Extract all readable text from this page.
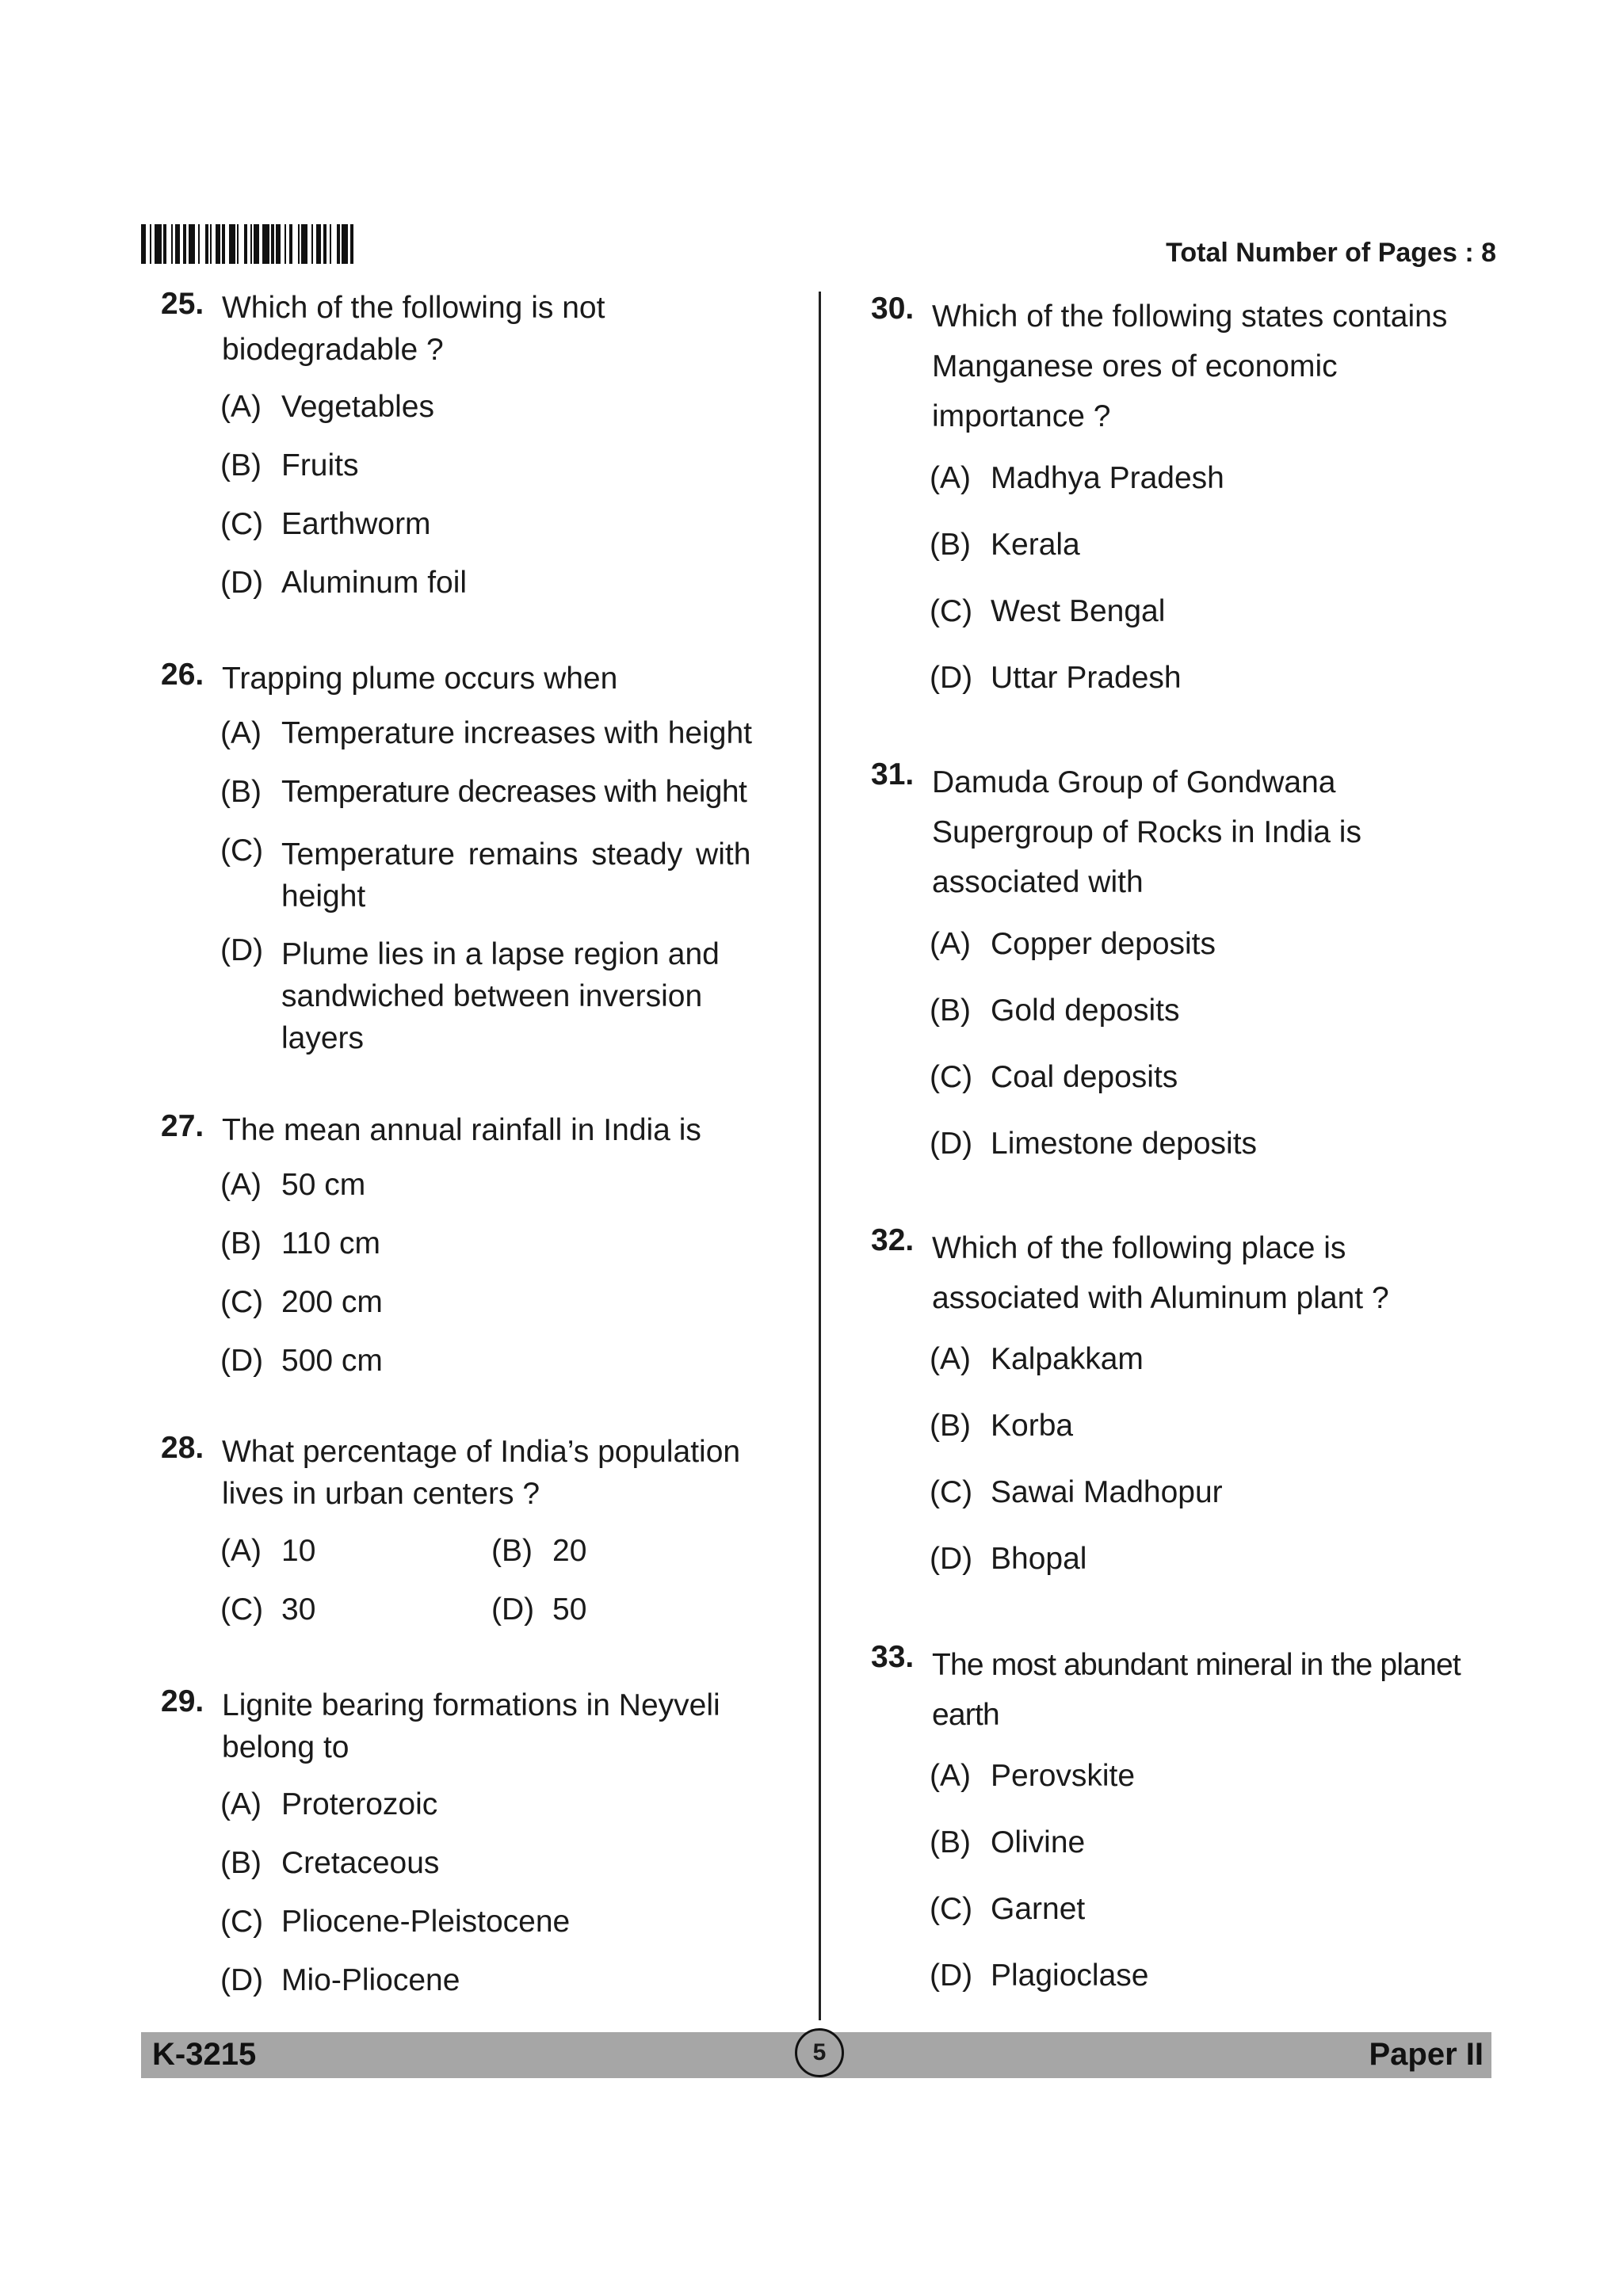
Total Number of Pages : 8
25. Which of the following is not biodegradable ?
(A) Vegetables
(B) Fruits
(C) Earthworm
(D) Aluminum foil
26. Trapping plume occurs when
(A) Temperature increases with height
(B) Temperature decreases with height
(C) Temperature remains steady with height
(D) Plume lies in a lapse region and sandwiched between inversion layers
27. The mean annual rainfall in India is
(A) 50 cm
(B) 110 cm
(C) 200 cm
(D) 500 cm
28. What percentage of India’s population lives in urban centers ?
(A) 10	(B) 20
(C) 30	(D) 50
29. Lignite bearing formations in Neyveli belong to
(A) Proterozoic
(B) Cretaceous
(C) Pliocene-Pleistocene
(D) Mio-Pliocene
30. Which of the following states contains Manganese ores of economic importance ?
(A) Madhya Pradesh
(B) Kerala
(C) West Bengal
(D) Uttar Pradesh
31. Damuda Group of Gondwana Supergroup of Rocks in India is associated with
(A) Copper deposits
(B) Gold deposits
(C) Coal deposits
(D) Limestone deposits
32. Which of the following place is associated with Aluminum plant ?
(A) Kalpakkam
(B) Korba
(C) Sawai Madhopur
(D) Bhopal
33. The most abundant mineral in the planet earth
(A) Perovskite
(B) Olivine
(C) Garnet
(D) Plagioclase
K-3215	Paper II
5
